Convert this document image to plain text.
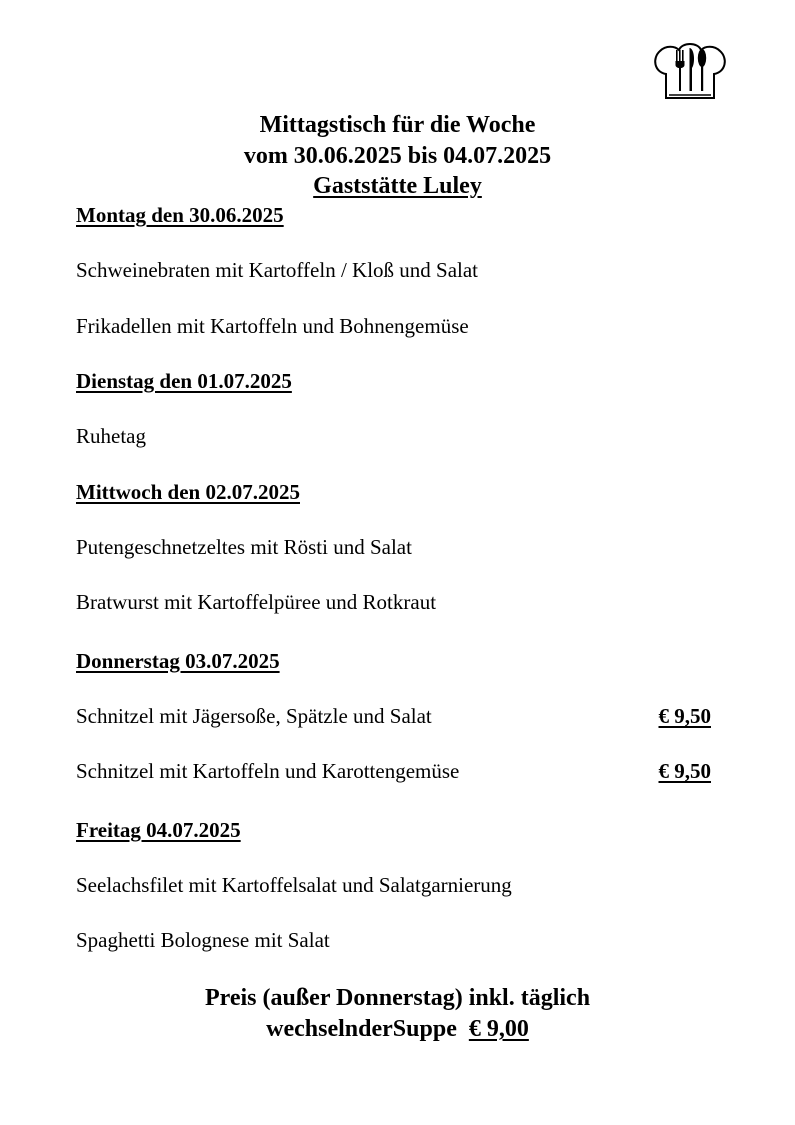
Mittagstisch für die Woche
vom 30.06.2025 bis 04.07.2025
Gaststätte Luley
Montag den 30.06.2025
Schweinebraten mit Kartoffeln / Kloß und Salat
Frikadellen mit Kartoffeln und Bohnengemüse
Dienstag den 01.07.2025
Ruhetag
Mittwoch den 02.07.2025
Putengeschnetzeltes mit Rösti und Salat
Bratwurst mit Kartoffelpüree und Rotkraut
Donnerstag 03.07.2025
Schnitzel mit Jägersoße, Spätzle und Salat	€ 9,50
Schnitzel mit Kartoffeln und Karottengemüse	€ 9,50
Freitag 04.07.2025
Seelachsfilet mit Kartoffelsalat und Salatgarnierung
Spaghetti Bolognese mit Salat
Preis (außer Donnerstag) inkl. täglich
wechselnderSuppe € 9,00
